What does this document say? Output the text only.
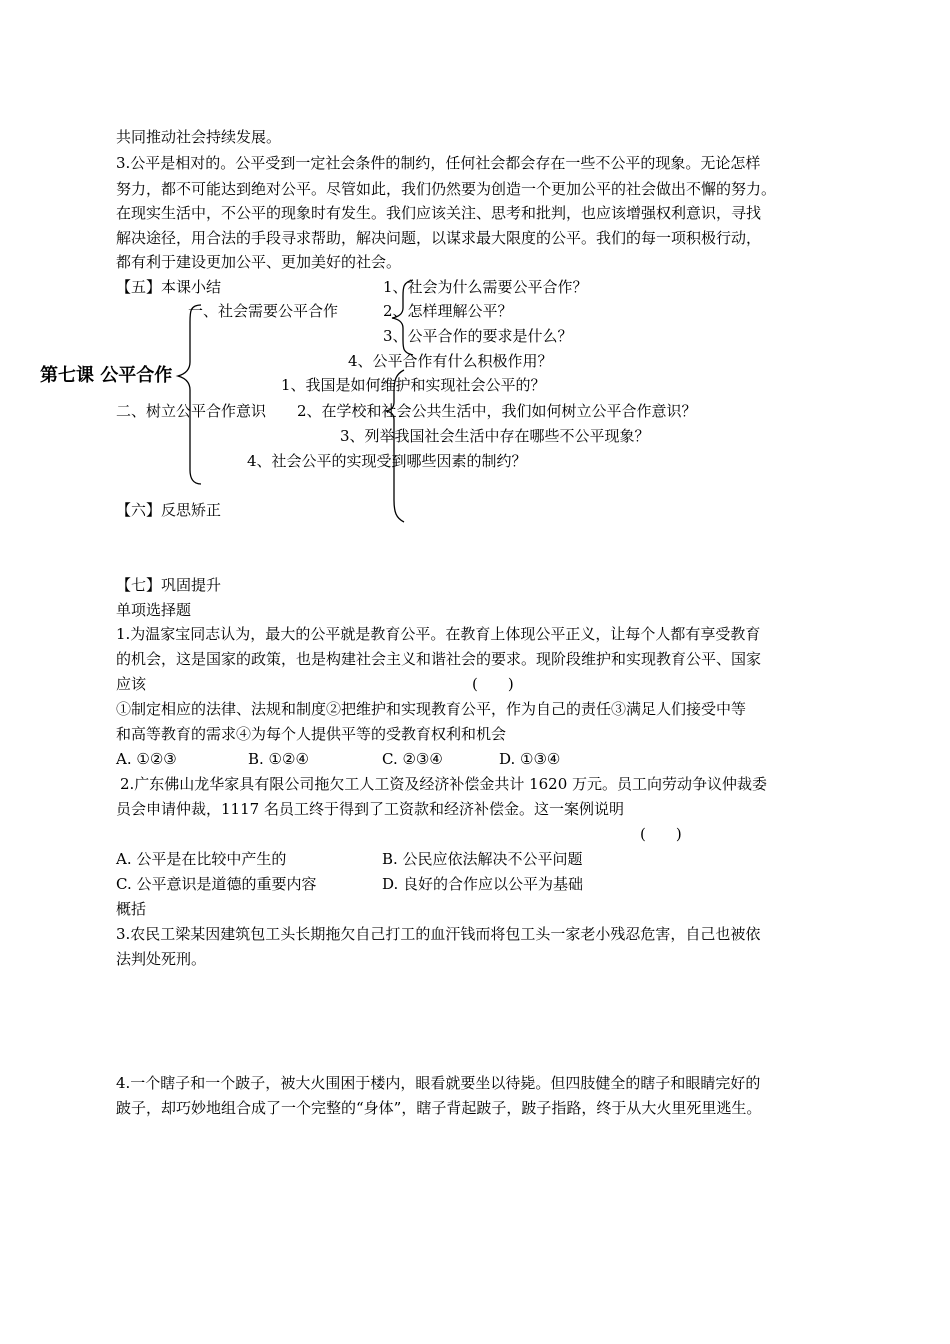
共同推动社会持续发展。
3.公平是相对的。公平受到一定社会条件的制约，任何社会都会存在一些不公平的现象。无论怎样
努力，都不可能达到绝对公平。尽管如此，我们仍然要为创造一个更加公平的社会做出不懈的努力。
在现实生活中，不公平的现象时有发生。我们应该关注、思考和批判，也应该增强权利意识，寻找
解决途径，用合法的手段寻求帮助，解决问题，以谋求最大限度的公平。我们的每一项积极行动，
都有利于建设更加公平、更加美好的社会。
【五】本课小结
第七课 公平合作
一、社会需要公平合作
1、社会为什么需要公平合作？
2、怎样理解公平？
3、公平合作的要求是什么？
4、公平合作有什么积极作用？
二、树立公平合作意识
1、我国是如何维护和实现社会公平的？
2、在学校和社会公共生活中，我们如何树立公平合作意识？
3、列举我国社会生活中存在哪些不公平现象？
4、社会公平的实现受到哪些因素的制约？
【六】反思矫正
【七】巩固提升
单项选择题
1.为温家宝同志认为，最大的公平就是教育公平。在教育上体现公平正义，让每个人都有享受教育
的机会，这是国家的政策，也是构建社会主义和谐社会的要求。现阶段维护和实现教育公平、国家
应该	(　　)
①制定相应的法律、法规和制度②把维护和实现教育公平，作为自己的责任③满足人们接受中等
和高等教育的需求④为每个人提供平等的受教育权利和机会
A. ①②③	B. ①②④	C. ②③④	D. ①③④
2.广东佛山龙华家具有限公司拖欠工人工资及经济补偿金共计 1620 万元。员工向劳动争议仲裁委
员会申请仲裁，1117 名员工终于得到了工资款和经济补偿金。这一案例说明
(　　)
A. 公平是在比较中产生的	B. 公民应依法解决不公平问题
C. 公平意识是道德的重要内容	D. 良好的合作应以公平为基础
概括
3.农民工梁某因建筑包工头长期拖欠自己打工的血汗钱而将包工头一家老小残忍危害，自己也被依
法判处死刑。
4.一个瞎子和一个跛子，被大火围困于楼内，眼看就要坐以待毙。但四肢健全的瞎子和眼睛完好的
跛子，却巧妙地组合成了一个完整的“身体”，瞎子背起跛子，跛子指路，终于从大火里死里逃生。
